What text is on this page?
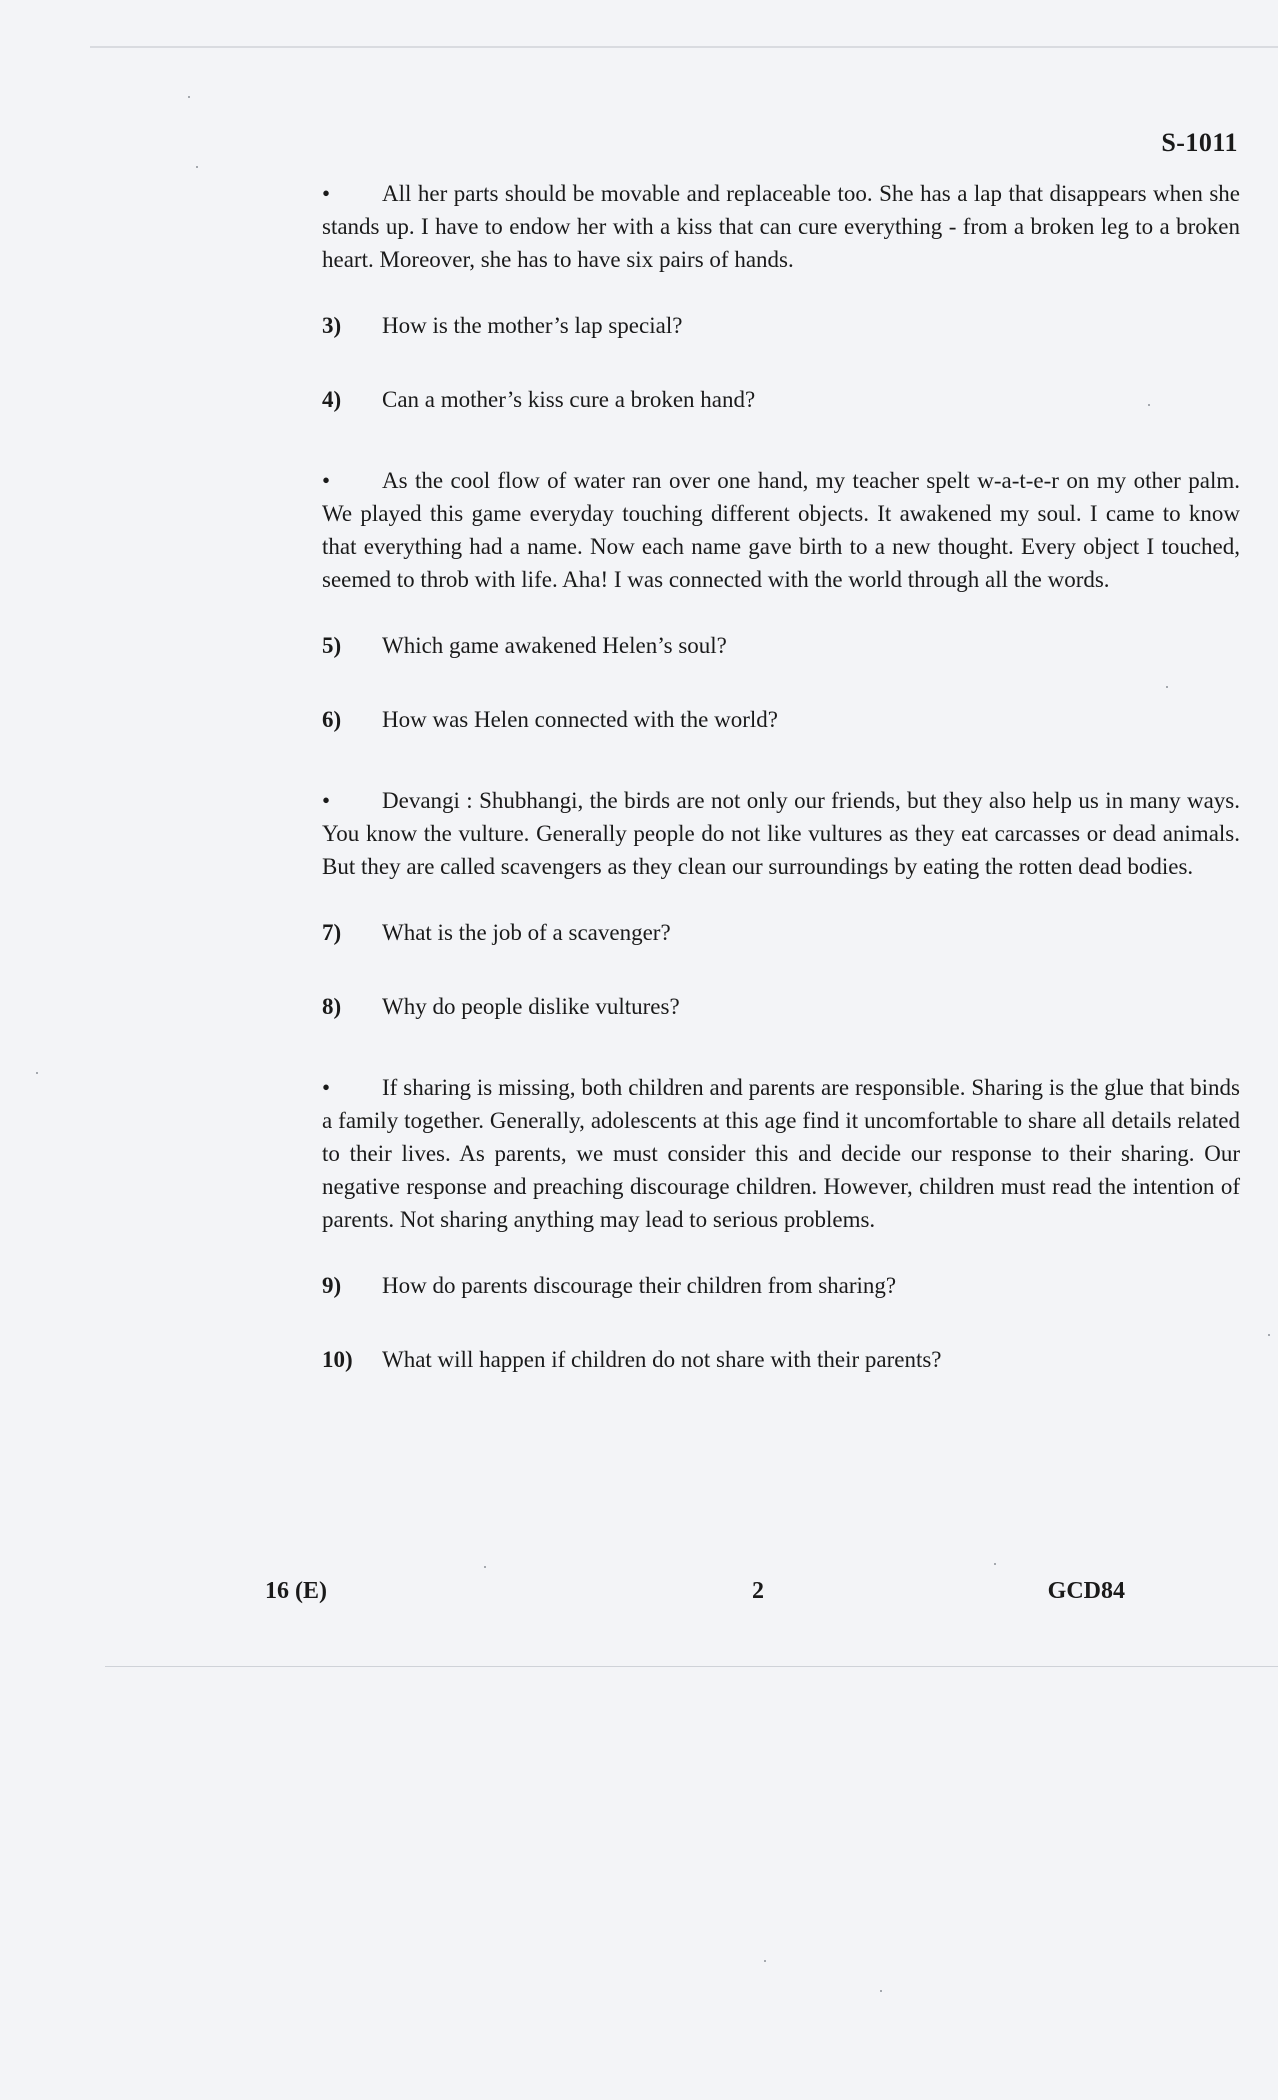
S-1011

• All her parts should be movable and replaceable too. She has a lap that disappears when she stands up. I have to endow her with a kiss that can cure everything - from a broken leg to a broken heart. Moreover, she has to have six pairs of hands.

3)	How is the mother’s lap special?
4)	Can a mother’s kiss cure a broken hand?

• As the cool flow of water ran over one hand, my teacher spelt w-a-t-e-r on my other palm. We played this game everyday touching different objects. It awakened my soul. I came to know that everything had a name. Now each name gave birth to a new thought. Every object I touched, seemed to throb with life. Aha! I was connected with the world through all the words.

5)	Which game awakened Helen’s soul?
6)	How was Helen connected with the world?

• Devangi : Shubhangi, the birds are not only our friends, but they also help us in many ways. You know the vulture. Generally people do not like vultures as they eat carcasses or dead animals. But they are called scavengers as they clean our surroundings by eating the rotten dead bodies.

7)	What is the job of a scavenger?
8)	Why do people dislike vultures?

• If sharing is missing, both children and parents are responsible. Sharing is the glue that binds a family together. Generally, adolescents at this age find it uncomfortable to share all details related to their lives. As parents, we must consider this and decide our response to their sharing. Our negative response and preaching discourage children. However, children must read the intention of parents. Not sharing anything may lead to serious problems.

9)	How do parents discourage their children from sharing?
10)	What will happen if children do not share with their parents?
16 (E)	2	GCD84
